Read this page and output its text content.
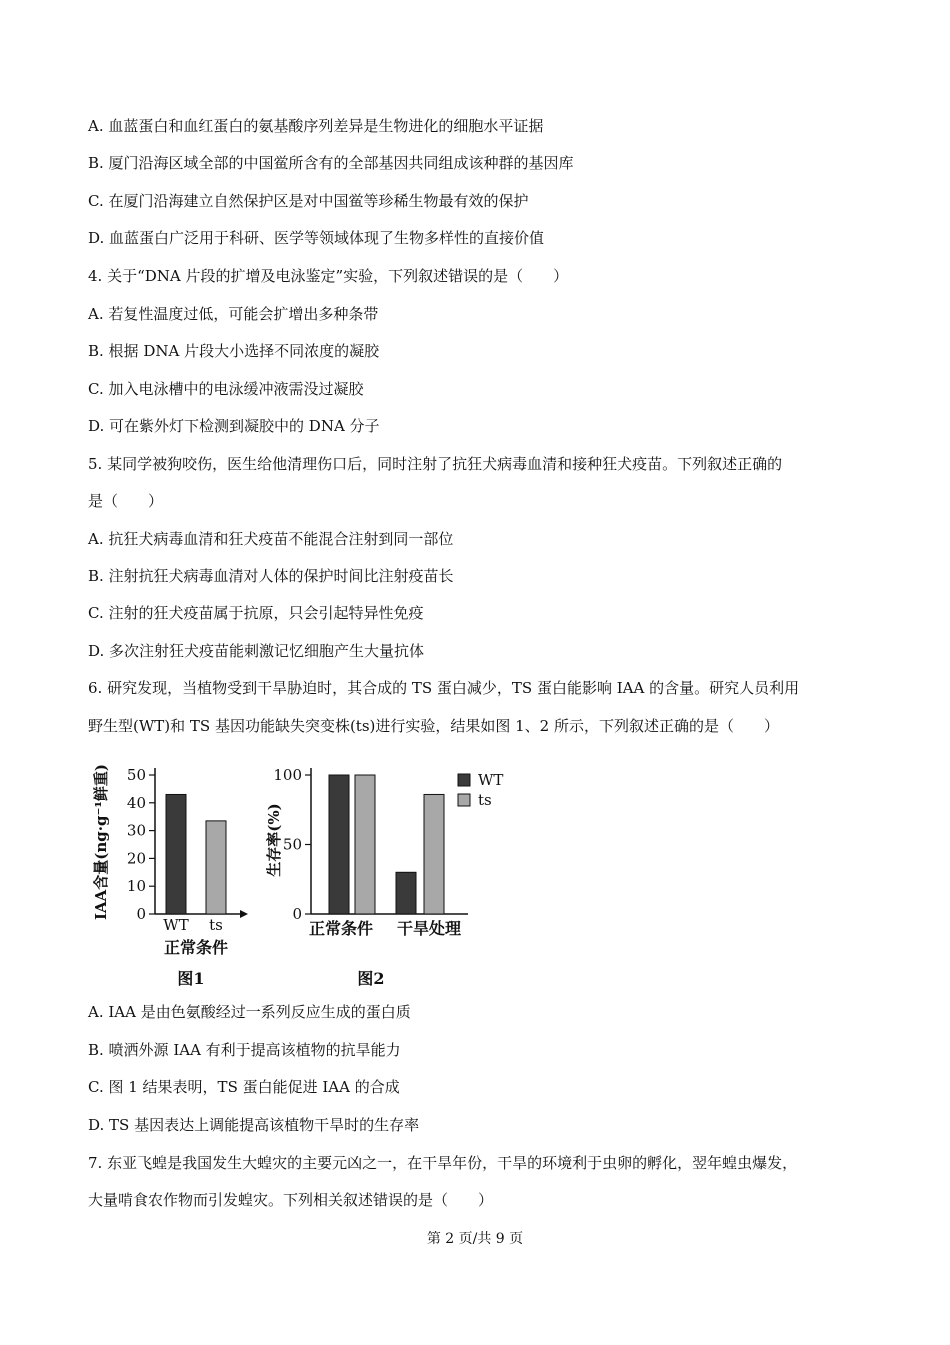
A. 血蓝蛋白和血红蛋白的氨基酸序列差异是生物进化的细胞水平证据
B. 厦门沿海区域全部的中国鲎所含有的全部基因共同组成该种群的基因库
C. 在厦门沿海建立自然保护区是对中国鲎等珍稀生物最有效的保护
D. 血蓝蛋白广泛用于科研、医学等领域体现了生物多样性的直接价值
4. 关于“DNA 片段的扩增及电泳鉴定”实验，下列叙述错误的是（　　）
A. 若复性温度过低，可能会扩增出多种条带
B. 根据 DNA 片段大小选择不同浓度的凝胶
C. 加入电泳槽中的电泳缓冲液需没过凝胶
D. 可在紫外灯下检测到凝胶中的 DNA 分子
5. 某同学被狗咬伤，医生给他清理伤口后，同时注射了抗狂犬病毒血清和接种狂犬疫苗。下列叙述正确的
是（　　）
A. 抗狂犬病毒血清和狂犬疫苗不能混合注射到同一部位
B. 注射抗狂犬病毒血清对人体的保护时间比注射疫苗长
C. 注射的狂犬疫苗属于抗原，只会引起特异性免疫
D. 多次注射狂犬疫苗能刺激记忆细胞产生大量抗体
6. 研究发现，当植物受到干旱胁迫时，其合成的 TS 蛋白减少，TS 蛋白能影响 IAA 的含量。研究人员利用
野生型(WT)和 TS 基因功能缺失突变株(ts)进行实验，结果如图 1、2 所示，下列叙述正确的是（　　）
A. IAA 是由色氨酸经过一系列反应生成的蛋白质
B. 喷洒外源 IAA 有利于提高该植物的抗旱能力
C. 图 1 结果表明，TS 蛋白能促进 IAA 的合成
D. TS 基因表达上调能提高该植物干旱时的生存率
7. 东亚飞蝗是我国发生大蝗灾的主要元凶之一，在干旱年份，干旱的环境利于虫卵的孵化，翌年蝗虫爆发，
大量啃食农作物而引发蝗灾。下列相关叙述错误的是（　　）
0
10
20
30
40
50
WT ts
IAA含量(ng·g⁻¹鲜重)
正常条件
图1
0
50
100
正常条件 干旱处理
生存率(%)
图2
WT
ts
第 2 页/共 9 页
